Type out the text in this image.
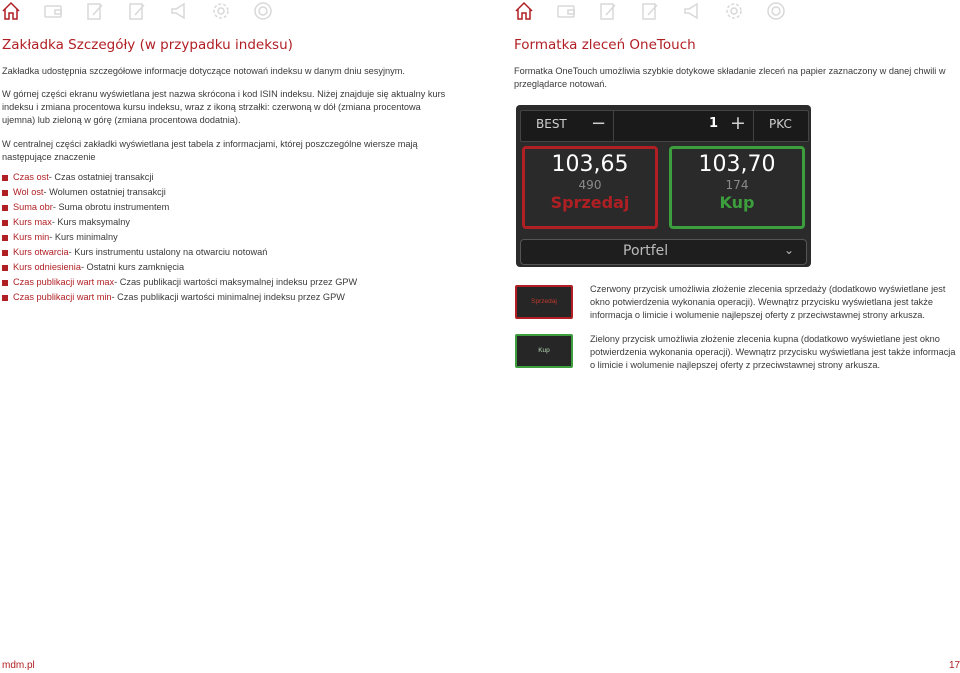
Zakładka Szczegóły (w przypadku indeksu)
Zakładka udostępnia szczegółowe informacje dotyczące notowań indeksu w danym dniu sesyjnym.
W górnej części ekranu wyświetlana jest nazwa skrócona i kod ISIN indeksu. Niżej znajduje się aktualny kurs indeksu i zmiana procentowa kursu indeksu, wraz z ikoną strzałki: czerwoną w dół (zmiana procentowa ujemna) lub zieloną w górę (zmiana procentowa dodatnia).
W centralnej części zakładki wyświetlana jest tabela z informacjami, której poszczególne wiersze mają następujące znaczenie
Czas ost - Czas ostatniej transakcji
Wol ost - Wolumen ostatniej transakcji
Suma obr - Suma obrotu instrumentem
Kurs max - Kurs maksymalny
Kurs min - Kurs minimalny
Kurs otwarcia - Kurs instrumentu ustalony na otwarciu notowań
Kurs odniesienia - Ostatni kurs zamknięcia
Czas publikacji wart max - Czas publikacji wartości maksymalnej indeksu przez GPW
Czas publikacji wart min - Czas publikacji wartości minimalnej indeksu przez GPW
Formatka zleceń OneTouch
Formatka OneTouch umożliwia szybkie dotykowe składanie zleceń na papier zaznaczony w danej chwili w przeglądarce notowań.
BEST −	1 + PKC
103,65
490
Sprzedaj
103,70
174
Kup
Portfel	⌄
Sprzedaj
Czerwony przycisk umożliwia złożenie zlecenia sprzedaży (dodatkowo wyświetlane jest okno potwierdzenia wykonania operacji). Wewnątrz przycisku wyświetlana jest także informacja o limicie i wolumenie najlepszej oferty z przeciwstawnej strony arkusza.
Kup
Zielony przycisk umożliwia złożenie zlecenia kupna (dodatkowo wyświetlane jest okno potwierdzenia wykonania operacji). Wewnątrz przycisku wyświetlana jest także informacja o limicie i wolumenie najlepszej oferty z przeciwstawnej strony arkusza.
mdm.pl	17
